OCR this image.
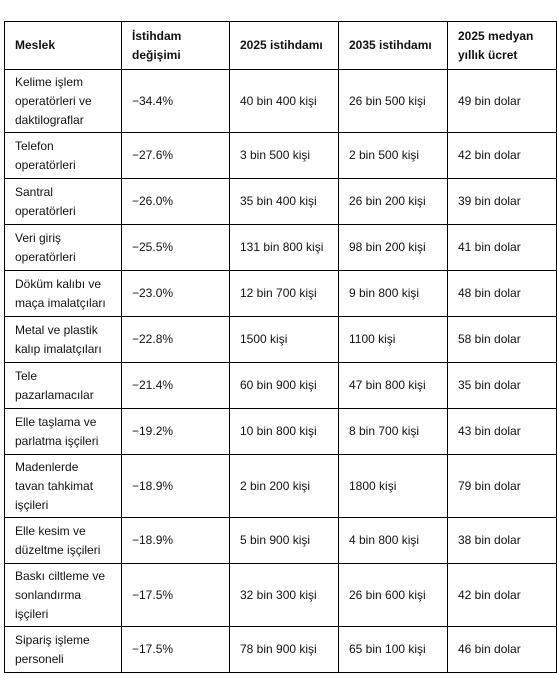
Meslek	İstihdam değişimi	2025 istihdamı	2035 istihdamı	2025 medyan yıllık ücret
Kelime işlem operatörleri ve daktilograflar	−34.4%	40 bin 400 kişi	26 bin 500 kişi	49 bin dolar
Telefon operatörleri	−27.6%	3 bin 500 kişi	2 bin 500 kişi	42 bin dolar
Santral operatörleri	−26.0%	35 bin 400 kişi	26 bin 200 kişi	39 bin dolar
Veri giriş operatörleri	−25.5%	131 bin 800 kişi	98 bin 200 kişi	41 bin dolar
Döküm kalıbı ve maça imalatçıları	−23.0%	12 bin 700 kişi	9 bin 800 kişi	48 bin dolar
Metal ve plastik kalıp imalatçıları	−22.8%	1500 kişi	1100 kişi	58 bin dolar
Tele pazarlamacılar	−21.4%	60 bin 900 kişi	47 bin 800 kişi	35 bin dolar
Elle taşlama ve parlatma işçileri	−19.2%	10 bin 800 kişi	8 bin 700 kişi	43 bin dolar
Madenlerde tavan tahkimat işçileri	−18.9%	2 bin 200 kişi	1800 kişi	79 bin dolar
Elle kesim ve düzeltme işçileri	−18.9%	5 bin 900 kişi	4 bin 800 kişi	38 bin dolar
Baskı ciltleme ve sonlandırma işçileri	−17.5%	32 bin 300 kişi	26 bin 600 kişi	42 bin dolar
Sipariş işleme personeli	−17.5%	78 bin 900 kişi	65 bin 100 kişi	46 bin dolar
